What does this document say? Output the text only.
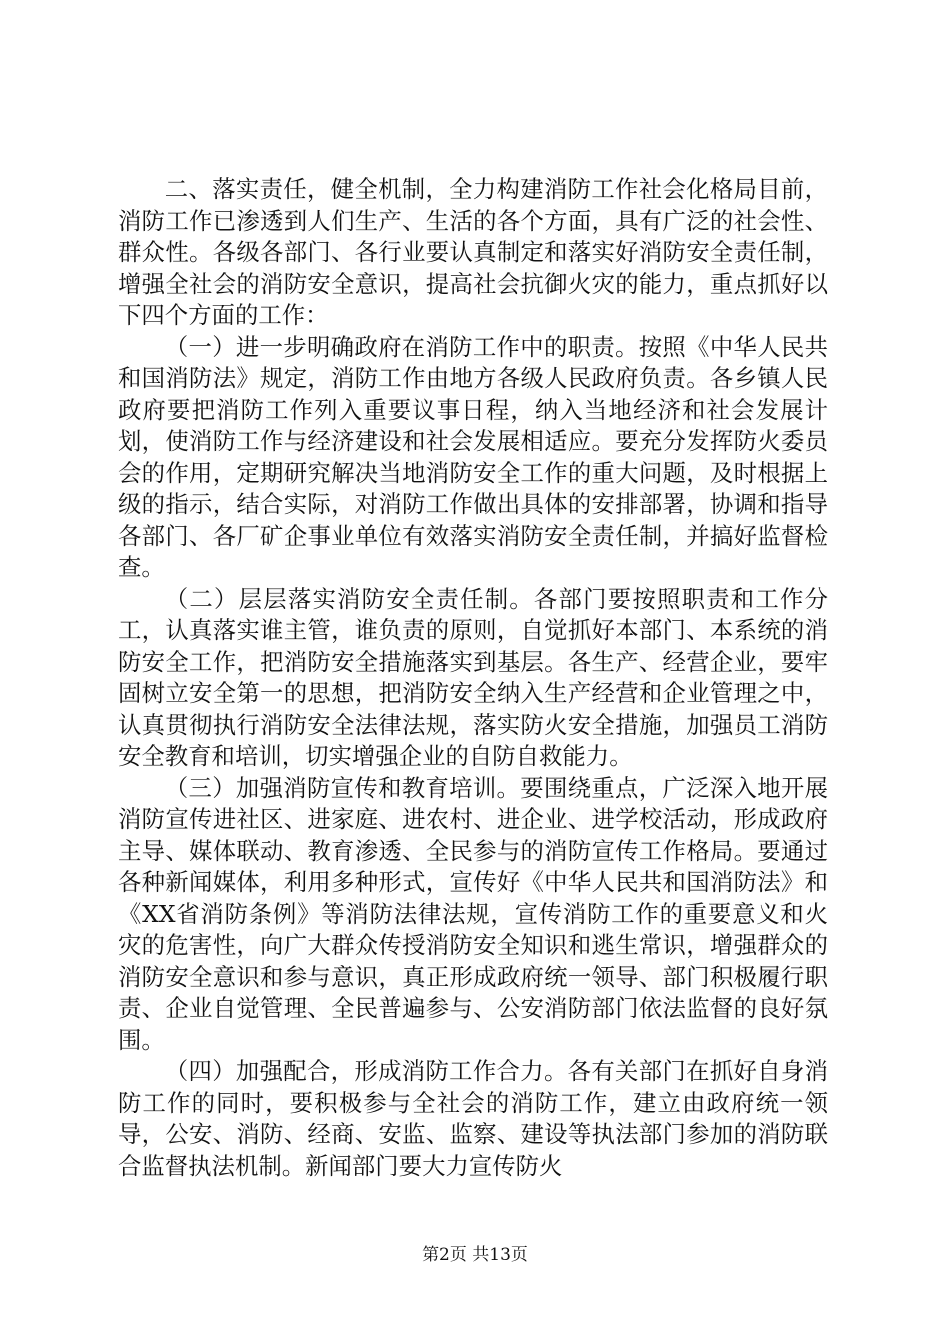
二、落实责任，健全机制，全力构建消防工作社会化格局目前，消防工作已渗透到人们生产、生活的各个方面，具有广泛的社会性、群众性。各级各部门、各行业要认真制定和落实好消防安全责任制，增强全社会的消防安全意识，提高社会抗御火灾的能力，重点抓好以下四个方面的工作：

（一）进一步明确政府在消防工作中的职责。按照《中华人民共和国消防法》规定，消防工作由地方各级人民政府负责。各乡镇人民政府要把消防工作列入重要议事日程，纳入当地经济和社会发展计划，使消防工作与经济建设和社会发展相适应。要充分发挥防火委员会的作用，定期研究解决当地消防安全工作的重大问题，及时根据上级的指示，结合实际，对消防工作做出具体的安排部署，协调和指导各部门、各厂矿企事业单位有效落实消防安全责任制，并搞好监督检查。

（二）层层落实消防安全责任制。各部门要按照职责和工作分工，认真落实谁主管，谁负责的原则，自觉抓好本部门、本系统的消防安全工作，把消防安全措施落实到基层。各生产、经营企业，要牢固树立安全第一的思想，把消防安全纳入生产经营和企业管理之中，认真贯彻执行消防安全法律法规，落实防火安全措施，加强员工消防安全教育和培训，切实增强企业的自防自救能力。

（三）加强消防宣传和教育培训。要围绕重点，广泛深入地开展消防宣传进社区、进家庭、进农村、进企业、进学校活动，形成政府主导、媒体联动、教育渗透、全民参与的消防宣传工作格局。要通过各种新闻媒体，利用多种形式，宣传好《中华人民共和国消防法》和《XX省消防条例》等消防法律法规，宣传消防工作的重要意义和火灾的危害性，向广大群众传授消防安全知识和逃生常识，增强群众的消防安全意识和参与意识，真正形成政府统一领导、部门积极履行职责、企业自觉管理、全民普遍参与、公安消防部门依法监督的良好氛围。

（四）加强配合，形成消防工作合力。各有关部门在抓好自身消防工作的同时，要积极参与全社会的消防工作，建立由政府统一领导，公安、消防、经商、安监、监察、建设等执法部门参加的消防联合监督执法机制。新闻部门要大力宣传防火

第2页 共13页
